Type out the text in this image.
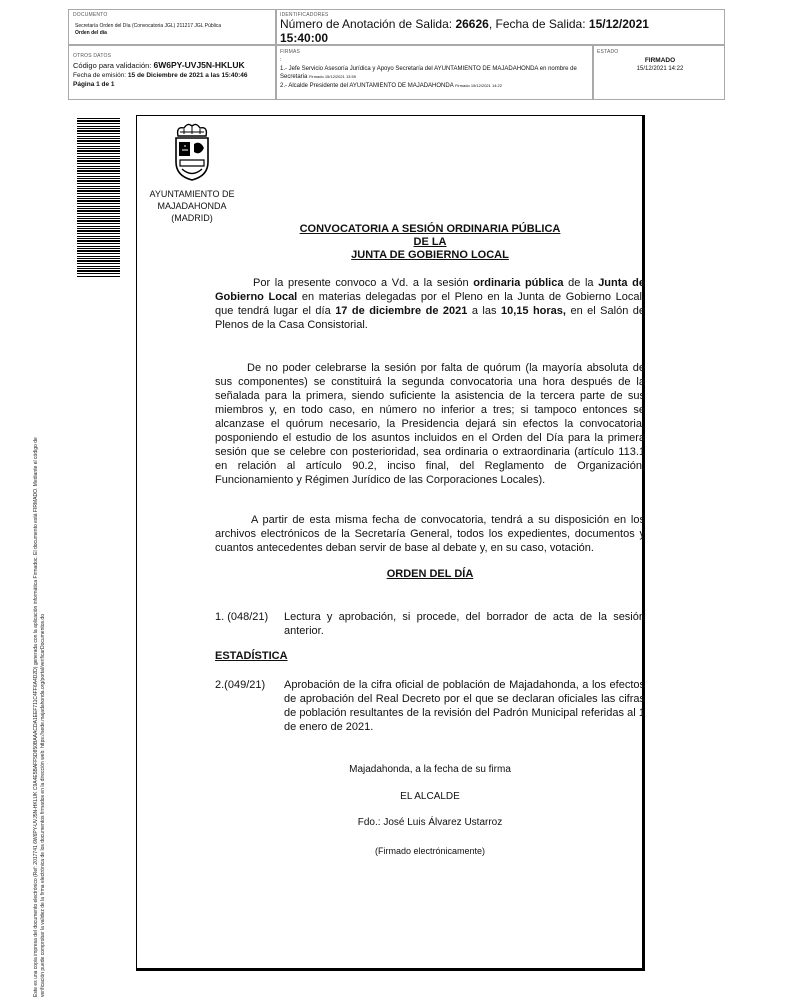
DOCUMENTO
Secretaría Orden del Día (Convocatoria JGL) 211217 JGL Pública
Orden del día
IDENTIFICADORES
Número de Anotación de Salida: 26626, Fecha de Salida: 15/12/2021
15:40:00
OTROS DATOS
Código para validación: 6W6PY-UVJ5N-HKLUK
Fecha de emisión: 15 de Diciembre de 2021 a las 15:40:46
Página 1 de 1
FIRMAS
:
1.- Jefe Servicio Asesoría Jurídica y Apoyo Secretaría del AYUNTAMIENTO DE MAJADAHONDA en nombre de Secretaria Firmado 15/12/2021 13:59
2.- Alcalde Presidente del AYUNTAMIENTO DE MAJADAHONDA Firmado 15/12/2021 14:22
ESTADO
FIRMADO
15/12/2021 14:22
Este es una copia impresa del documento electrónico (Ref: 2017741 6W6PY-UVJ5N-HKLUK C9A4E5BAFF5D850BAAACDA1EEF711C4FF6A4D2D) generada con la aplicación informática Firmadoc. El documento está FIRMADO. Mediante el código de verificación puede comprobar la validez de la firma electrónica de los documentos firmados en la dirección web: https://sede.majadahonda.org/portal/verificarDocumentos.do
AYUNTAMIENTO DE
MAJADAHONDA
(MADRID)
CONVOCATORIA A SESIÓN ORDINARIA PÚBLICA
DE LA
JUNTA DE GOBIERNO LOCAL
Por la presente convoco a Vd. a la sesión ordinaria pública de la Junta de Gobierno Local en materias delegadas por el Pleno en la Junta de Gobierno Local, que tendrá lugar el día 17 de diciembre de 2021 a las 10,15 horas, en el Salón de Plenos de la Casa Consistorial.
De no poder celebrarse la sesión por falta de quórum (la mayoría absoluta de sus componentes) se constituirá la segunda convocatoria una hora después de la señalada para la primera, siendo suficiente la asistencia de la tercera parte de sus miembros y, en todo caso, en número no inferior a tres; si tampoco entonces se alcanzase el quórum necesario, la Presidencia dejará sin efectos la convocatoria, posponiendo el estudio de los asuntos incluidos en el Orden del Día para la primera sesión que se celebre con posterioridad, sea ordinaria o extraordinaria (artículo 113.1 en relación al artículo 90.2, inciso final, del Reglamento de Organización, Funcionamiento y Régimen Jurídico de las Corporaciones Locales).
A partir de esta misma fecha de convocatoria, tendrá a su disposición en los archivos electrónicos de la Secretaría General, todos los expedientes, documentos y cuantos antecedentes deban servir de base al debate y, en su caso, votación.
ORDEN DEL DÍA
1. (048/21)	Lectura y aprobación, si procede, del borrador de acta de la sesión anterior.
ESTADÍSTICA
2.(049/21)	Aprobación de la cifra oficial de población de Majadahonda, a los efectos de aprobación del Real Decreto por el que se declaran oficiales las cifras de población resultantes de la revisión del Padrón Municipal referidas al 1 de enero de 2021.
Majadahonda, a la fecha de su firma
EL ALCALDE
Fdo.: José Luis Álvarez Ustarroz
(Firmado electrónicamente)
